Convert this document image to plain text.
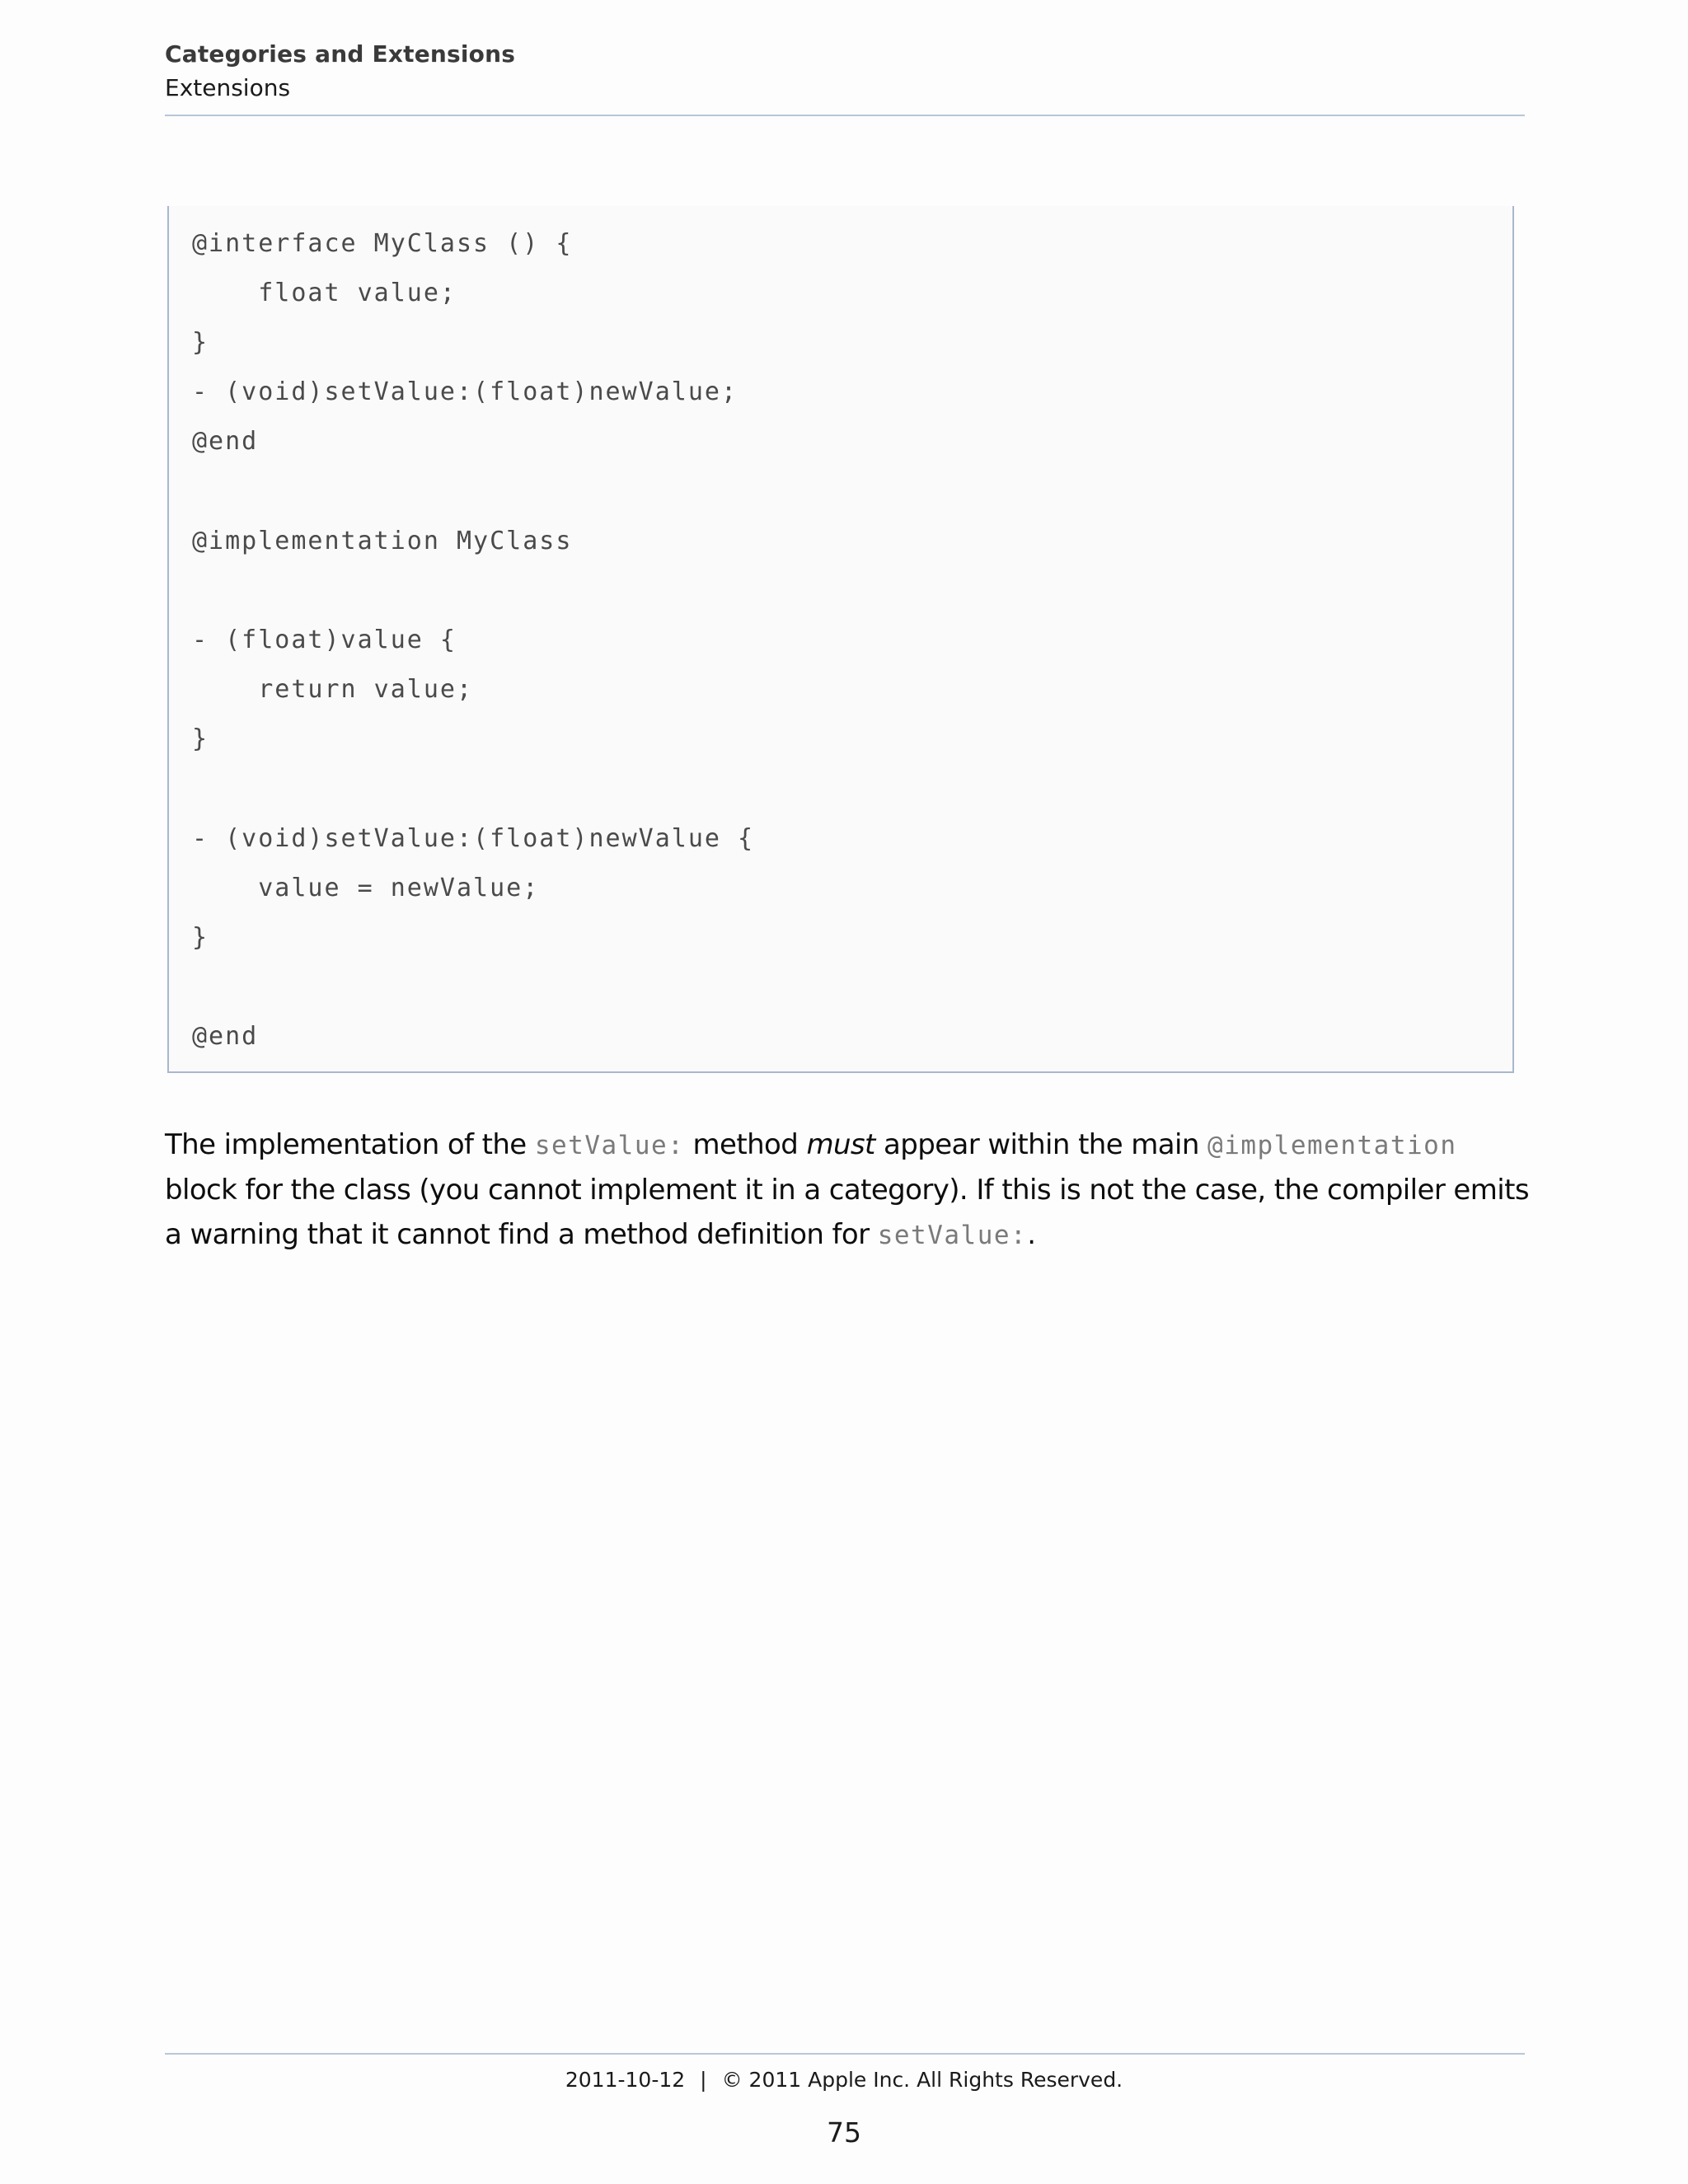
Categories and Extensions
Extensions
@interface MyClass () {
float value;
}
- (void)setValue:(float)newValue;
@end
@implementation MyClass
- (float)value {
return value;
}
- (void)setValue:(float)newValue {
value = newValue;
}
@end
The implementation of the setValue: method must appear within the main @implementation block for the class (you cannot implement it in a category). If this is not the case, the compiler emits a warning that it cannot find a method definition for setValue:.
2011-10-12 | © 2011 Apple Inc. All Rights Reserved.
75
